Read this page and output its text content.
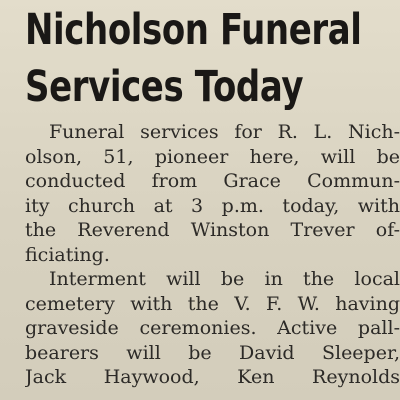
Nicholson Funeral
Services Today
Funeral services for R. L. Nich-
olson, 51, pioneer here, will be
conducted from Grace Commun-
ity church at 3 p.m. today, with
the Reverend Winston Trever of-
ficiating.
Interment will be in the local
cemetery with the V. F. W. having
graveside ceremonies. Active pall-
bearers will be David Sleeper,
Jack Haywood, Ken Reynolds
